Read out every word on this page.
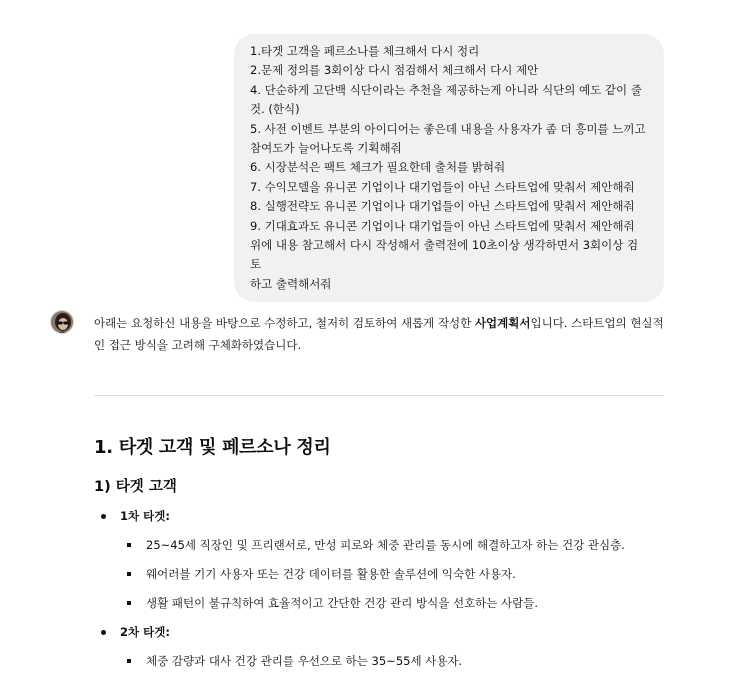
1.타겟 고객을 페르소나를 체크해서 다시 정리
2.문제 정의를 3회이상 다시 점검해서 체크해서 다시 제안
4. 단순하게 고단백 식단이라는 추천을 제공하는게 아니라 식단의 예도 같이 줄
것. (한식)
5. 사전 이벤트 부분의 아이디어는 좋은데 내용을 사용자가 좀 더 흥미를 느끼고
참여도가 늘어나도록 기획해줘
6. 시장분석은 팩트 체크가 필요한데 출처를 밝혀줘
7. 수익모델을 유니콘 기업이나 대기업들이 아닌 스타트업에 맞춰서 제안해줘
8. 실행전략도 유니콘 기업이나 대기업들이 아닌 스타트업에 맞춰서 제안해줘
9. 기대효과도 유니콘 기업이나 대기업들이 아닌 스타트업에 맞춰서 제안해줘
위에 내용 참고해서 다시 작성해서 출력전에 10초이상 생각하면서 3회이상 검토
하고 출력해서줘

아래는 요청하신 내용을 바탕으로 수정하고, 철저히 검토하여 새롭게 작성한 사업계획서입니다. 스타트업의 현실적인 접근 방식을 고려해 구체화하였습니다.

1. 타겟 고객 및 페르소나 정리
1) 타겟 고객
1차 타겟:
25~45세 직장인 및 프리랜서로, 만성 피로와 체중 관리를 동시에 해결하고자 하는 건강 관심층.
웨어러블 기기 사용자 또는 건강 데이터를 활용한 솔루션에 익숙한 사용자.
생활 패턴이 불규칙하여 효율적이고 간단한 건강 관리 방식을 선호하는 사람들.
2차 타겟:
체중 감량과 대사 건강 관리를 우선으로 하는 35~55세 사용자.
